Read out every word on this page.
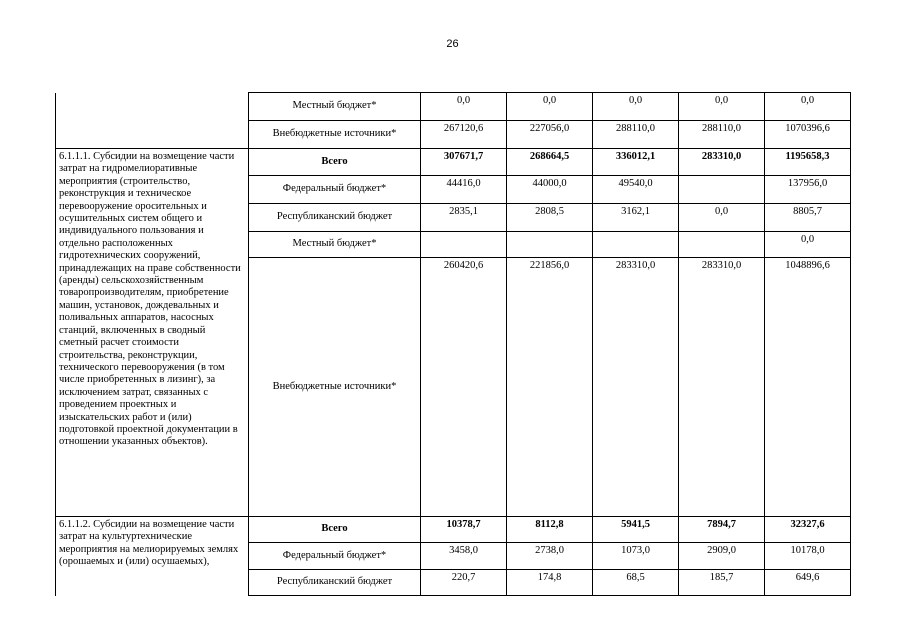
26
	Местный бюджет*	0,0	0,0	0,0	0,0	0,0
	Внебюджетные источники*	267120,6	227056,0	288110,0	288110,0	1070396,6
6.1.1.1. Субсидии на возмещение части затрат на гидромелиоративные мероприятия (строительство, реконструкция и техническое перевооружение оросительных и осушительных систем общего и индивидуального пользования и отдельно расположенных гидротехнических сооружений, принадлежащих на праве собственности (аренды) сельскохозяйственным товаропроизводителям, приобретение машин, установок, дождевальных и поливальных аппаратов, насосных станций, включенных в сводный сметный расчет стоимости строительства, реконструкции, технического перевооружения (в том числе приобретенных в лизинг), за исключением затрат, связанных с проведением проектных и изыскательских работ и (или) подготовкой проектной документации в отношении указанных объектов).	Всего	307671,7	268664,5	336012,1	283310,0	1195658,3
	Федеральный бюджет*	44416,0	44000,0	49540,0		137956,0
	Республиканский бюджет	2835,1	2808,5	3162,1	0,0	8805,7
	Местный бюджет*					0,0
	Внебюджетные источники*	260420,6	221856,0	283310,0	283310,0	1048896,6
6.1.1.2. Субсидии на возмещение части затрат на культуртехнические мероприятия на мелиорируемых землях (орошаемых и (или) осушаемых),	Всего	10378,7	8112,8	5941,5	7894,7	32327,6
	Федеральный бюджет*	3458,0	2738,0	1073,0	2909,0	10178,0
	Республиканский бюджет	220,7	174,8	68,5	185,7	649,6
